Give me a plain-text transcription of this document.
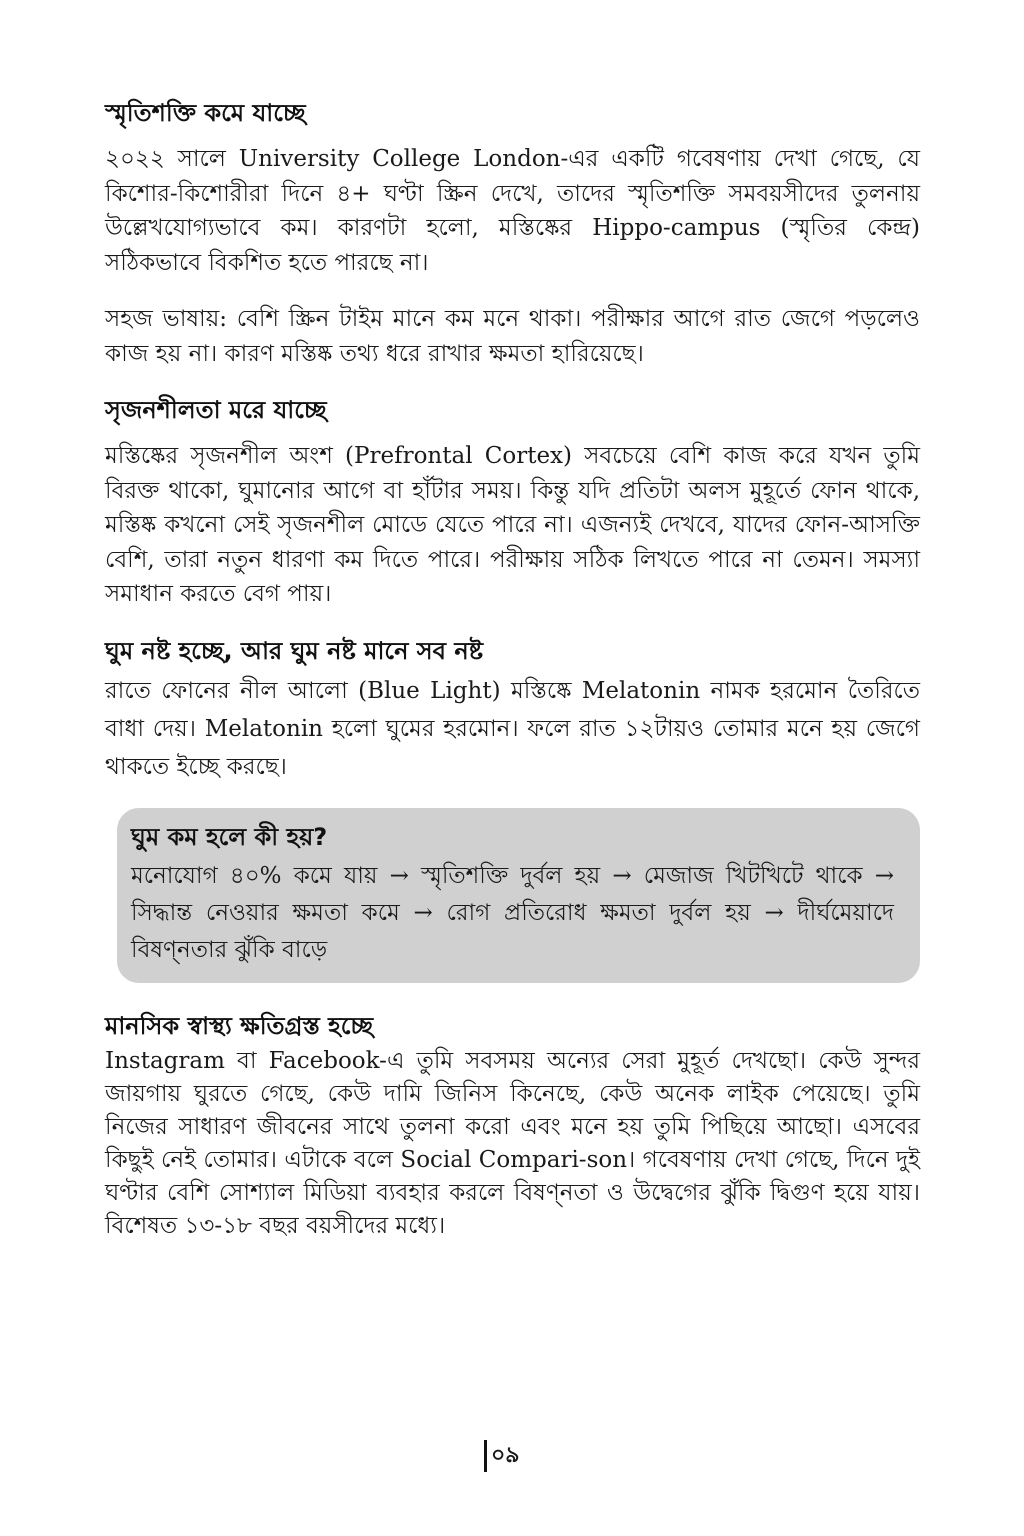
স্মৃতিশক্তি কমে যাচ্ছে

২০২২ সালে University College London-এর একটি গবেষণায় দেখা গেছে, যে কিশোর-কিশোরীরা দিনে ৪+ ঘণ্টা স্ক্রিন দেখে, তাদের স্মৃতিশক্তি সমবয়সীদের তুলনায় উল্লেখযোগ্যভাবে কম। কারণটা হলো, মস্তিষ্কের Hippo-campus (স্মৃতির কেন্দ্র) সঠিকভাবে বিকশিত হতে পারছে না।

সহজ ভাষায়: বেশি স্ক্রিন টাইম মানে কম মনে থাকা। পরীক্ষার আগে রাত জেগে পড়লেও কাজ হয় না। কারণ মস্তিষ্ক তথ্য ধরে রাখার ক্ষমতা হারিয়েছে।

সৃজনশীলতা মরে যাচ্ছে

মস্তিষ্কের সৃজনশীল অংশ (Prefrontal Cortex) সবচেয়ে বেশি কাজ করে যখন তুমি বিরক্ত থাকো, ঘুমানোর আগে বা হাঁটার সময়। কিন্তু যদি প্রতিটা অলস মুহূর্তে ফোন থাকে, মস্তিষ্ক কখনো সেই সৃজনশীল মোডে যেতে পারে না। এজন্যই দেখবে, যাদের ফোন-আসক্তি বেশি, তারা নতুন ধারণা কম দিতে পারে। পরীক্ষায় সঠিক লিখতে পারে না তেমন। সমস্যা সমাধান করতে বেগ পায়।

ঘুম নষ্ট হচ্ছে, আর ঘুম নষ্ট মানে সব নষ্ট

রাতে ফোনের নীল আলো (Blue Light) মস্তিষ্কে Melatonin নামক হরমোন তৈরিতে বাধা দেয়। Melatonin হলো ঘুমের হরমোন। ফলে রাত ১২টায়ও তোমার মনে হয় জেগে থাকতে ইচ্ছে করছে।

ঘুম কম হলে কী হয়?

মনোযোগ ৪০% কমে যায় → স্মৃতিশক্তি দুর্বল হয় → মেজাজ খিটখিটে থাকে → সিদ্ধান্ত নেওয়ার ক্ষমতা কমে → রোগ প্রতিরোধ ক্ষমতা দুর্বল হয় → দীর্ঘমেয়াদে বিষণ্নতার ঝুঁকি বাড়ে

মানসিক স্বাস্থ্য ক্ষতিগ্রস্ত হচ্ছে

Instagram বা Facebook-এ তুমি সবসময় অন্যের সেরা মুহূর্ত দেখছো। কেউ সুন্দর জায়গায় ঘুরতে গেছে, কেউ দামি জিনিস কিনেছে, কেউ অনেক লাইক পেয়েছে। তুমি নিজের সাধারণ জীবনের সাথে তুলনা করো এবং মনে হয় তুমি পিছিয়ে আছো। এসবের কিছুই নেই তোমার। এটাকে বলে Social Compari-son। গবেষণায় দেখা গেছে, দিনে দুই ঘণ্টার বেশি সোশ্যাল মিডিয়া ব্যবহার করলে বিষণ্নতা ও উদ্বেগের ঝুঁকি দ্বিগুণ হয়ে যায়। বিশেষত ১৩-১৮ বছর বয়সীদের মধ্যে।

০৯
